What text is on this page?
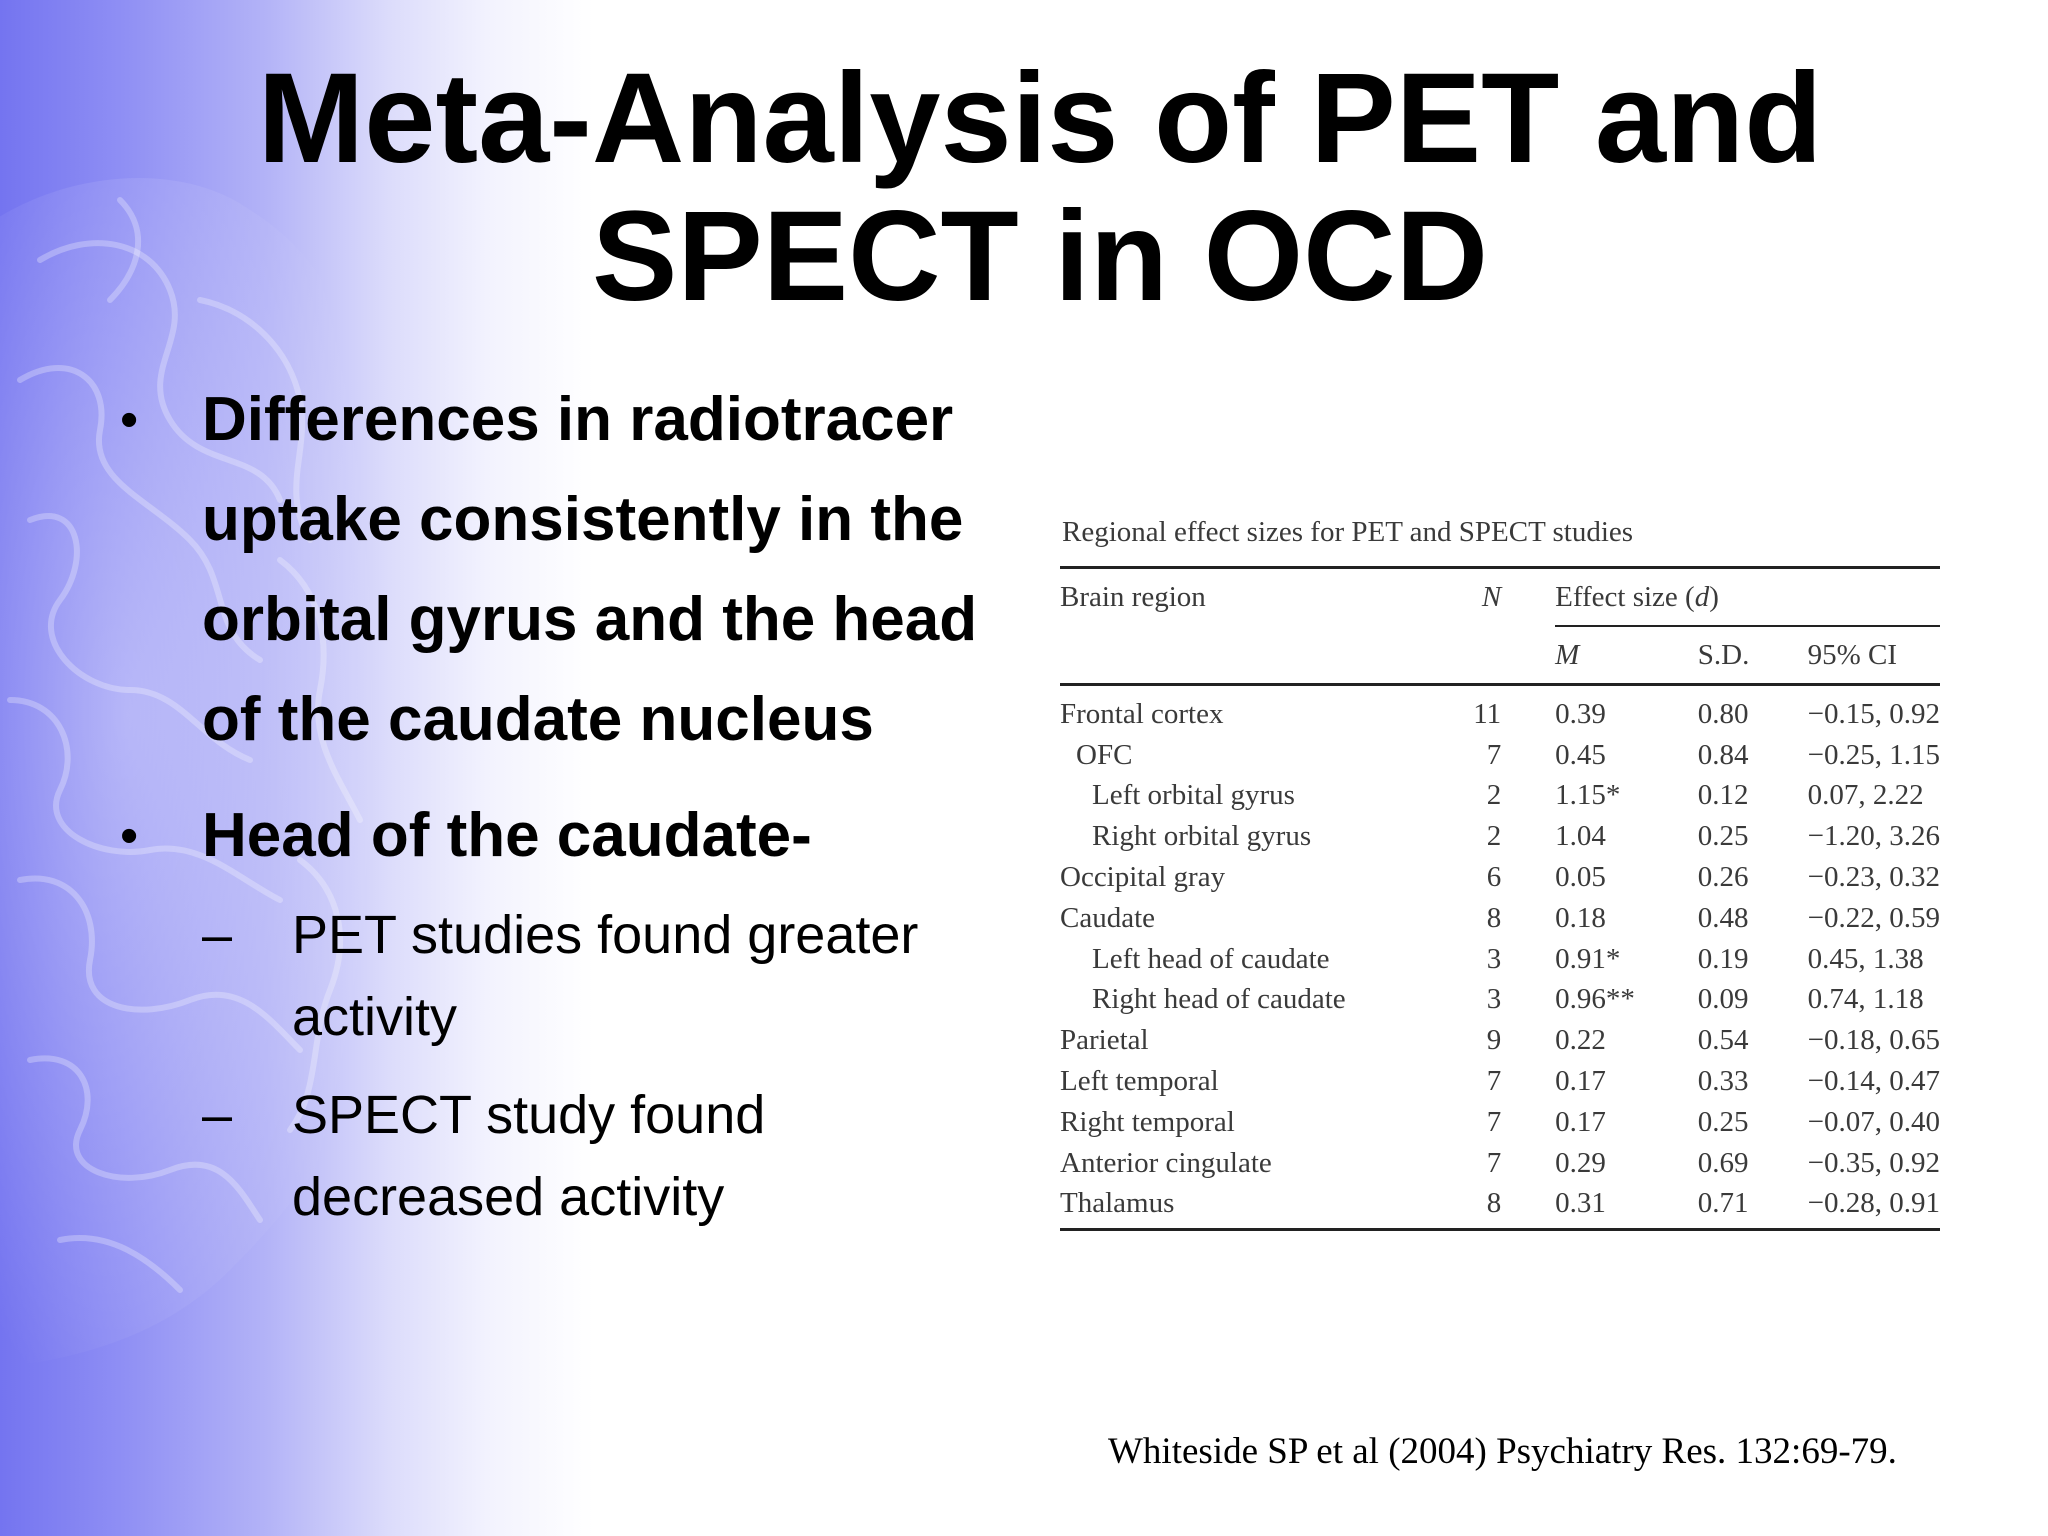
Meta-Analysis of PET and SPECT in OCD
•	Differences in radiotracer uptake consistently in the orbital gyrus and the head of the caudate nucleus
•	Head of the caudate-
– PET studies found greater activity
– SPECT study found decreased activity
Regional effect sizes for PET and SPECT studies
Brain region	N		Effect size (d)		
			M	S.D.	95% CI
Frontal cortex	11		0.39	0.80	−0.15, 0.92
OFC	7		0.45	0.84	−0.25, 1.15
Left orbital gyrus	2		1.15*	0.12	0.07, 2.22
Right orbital gyrus	2		1.04	0.25	−1.20, 3.26
Occipital gray	6		0.05	0.26	−0.23, 0.32
Caudate	8		0.18	0.48	−0.22, 0.59
Left head of caudate	3		0.91*	0.19	0.45, 1.38
Right head of caudate	3		0.96**	0.09	0.74, 1.18
Parietal	9		0.22	0.54	−0.18, 0.65
Left temporal	7		0.17	0.33	−0.14, 0.47
Right temporal	7		0.17	0.25	−0.07, 0.40
Anterior cingulate	7		0.29	0.69	−0.35, 0.92
Thalamus	8		0.31	0.71	−0.28, 0.91
Whiteside SP et al (2004) Psychiatry Res. 132:69-79.
